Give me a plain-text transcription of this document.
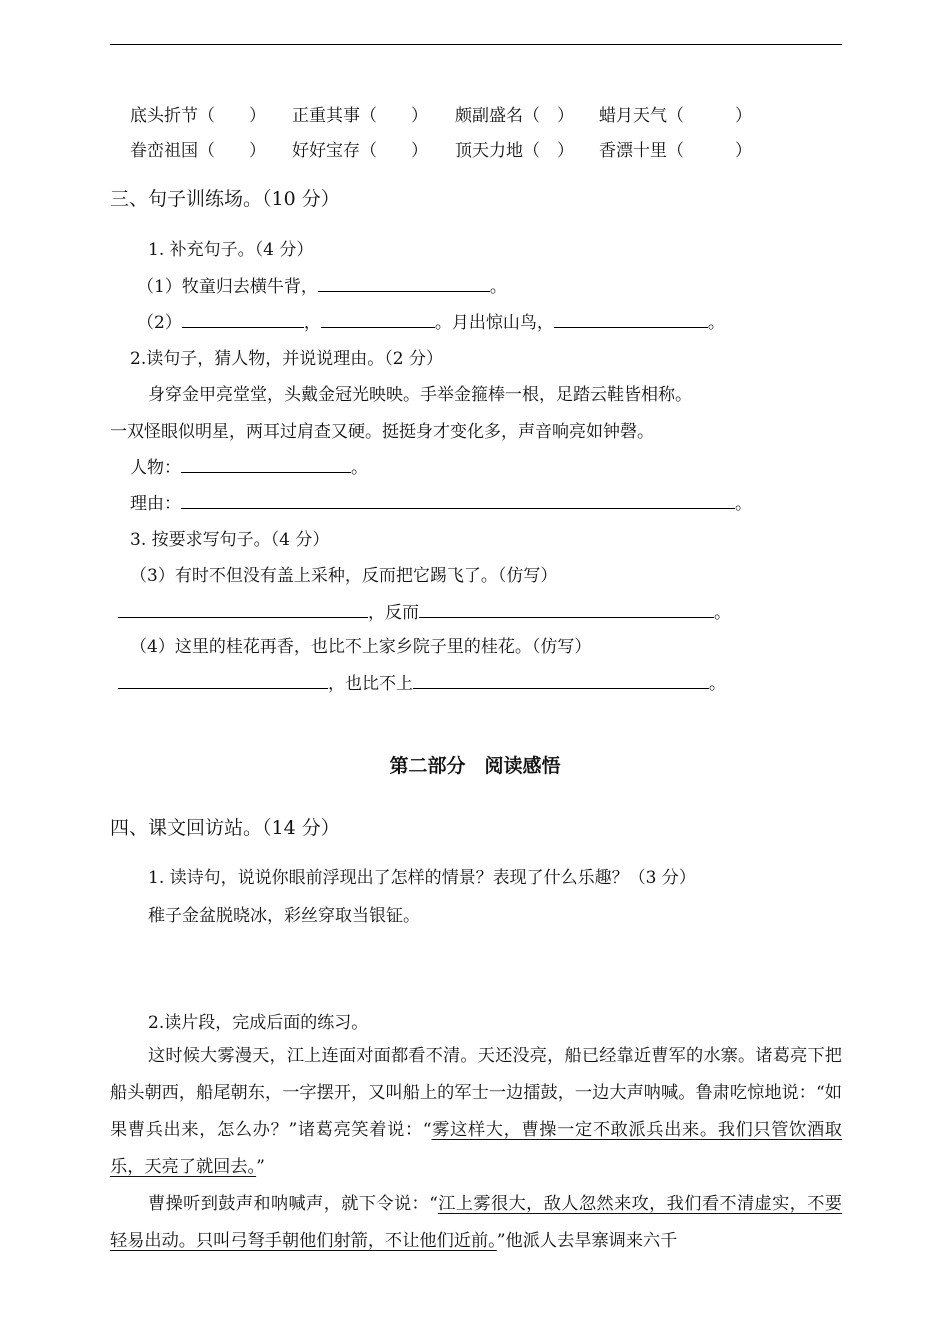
底头折节（　　） 正重其事（　　） 颇副盛名（　） 蜡月天气（　　　）
眷峦祖国（　　） 好好宝存（　　） 顶天力地（　） 香漂十里（　　　）
三、句子训练场。（10 分）
1. 补充句子。（4 分）
（1）牧童归去横牛背，	。
（2）	，	。月出惊山鸟，	。
2.读句子，猜人物，并说说理由。（2 分）
身穿金甲亮堂堂，头戴金冠光映映。手举金箍棒一根，足踏云鞋皆相称。
一双怪眼似明星，两耳过肩查又硬。挺挺身才变化多，声音响亮如钟磬。
人物：	。
理由：	。
3. 按要求写句子。（4 分）
（3）有时不但没有盖上采种，反而把它踢飞了。（仿写）
，反而	。
（4）这里的桂花再香，也比不上家乡院子里的桂花。（仿写）
，也比不上	。
第二部分　阅读感悟
四、课文回访站。（14 分）
1. 读诗句，说说你眼前浮现出了怎样的情景？表现了什么乐趣？（3 分）
稚子金盆脱晓冰，彩丝穿取当银钲。
2.读片段，完成后面的练习。
这时候大雾漫天，江上连面对面都看不清。天还没亮，船已经靠近曹军的水寨。诸葛亮下把船头朝西，船尾朝东，一字摆开，又叫船上的军士一边擂鼓，一边大声呐喊。鲁肃吃惊地说：“如果曹兵出来，怎么办？”诸葛亮笑着说：“雾这样大，曹操一定不敢派兵出来。我们只管饮酒取乐，天亮了就回去。”
曹操听到鼓声和呐喊声，就下令说：“江上雾很大，敌人忽然来攻，我们看不清虚实，不要轻易出动。只叫弓弩手朝他们射箭，不让他们近前。”他派人去旱寨调来六千
